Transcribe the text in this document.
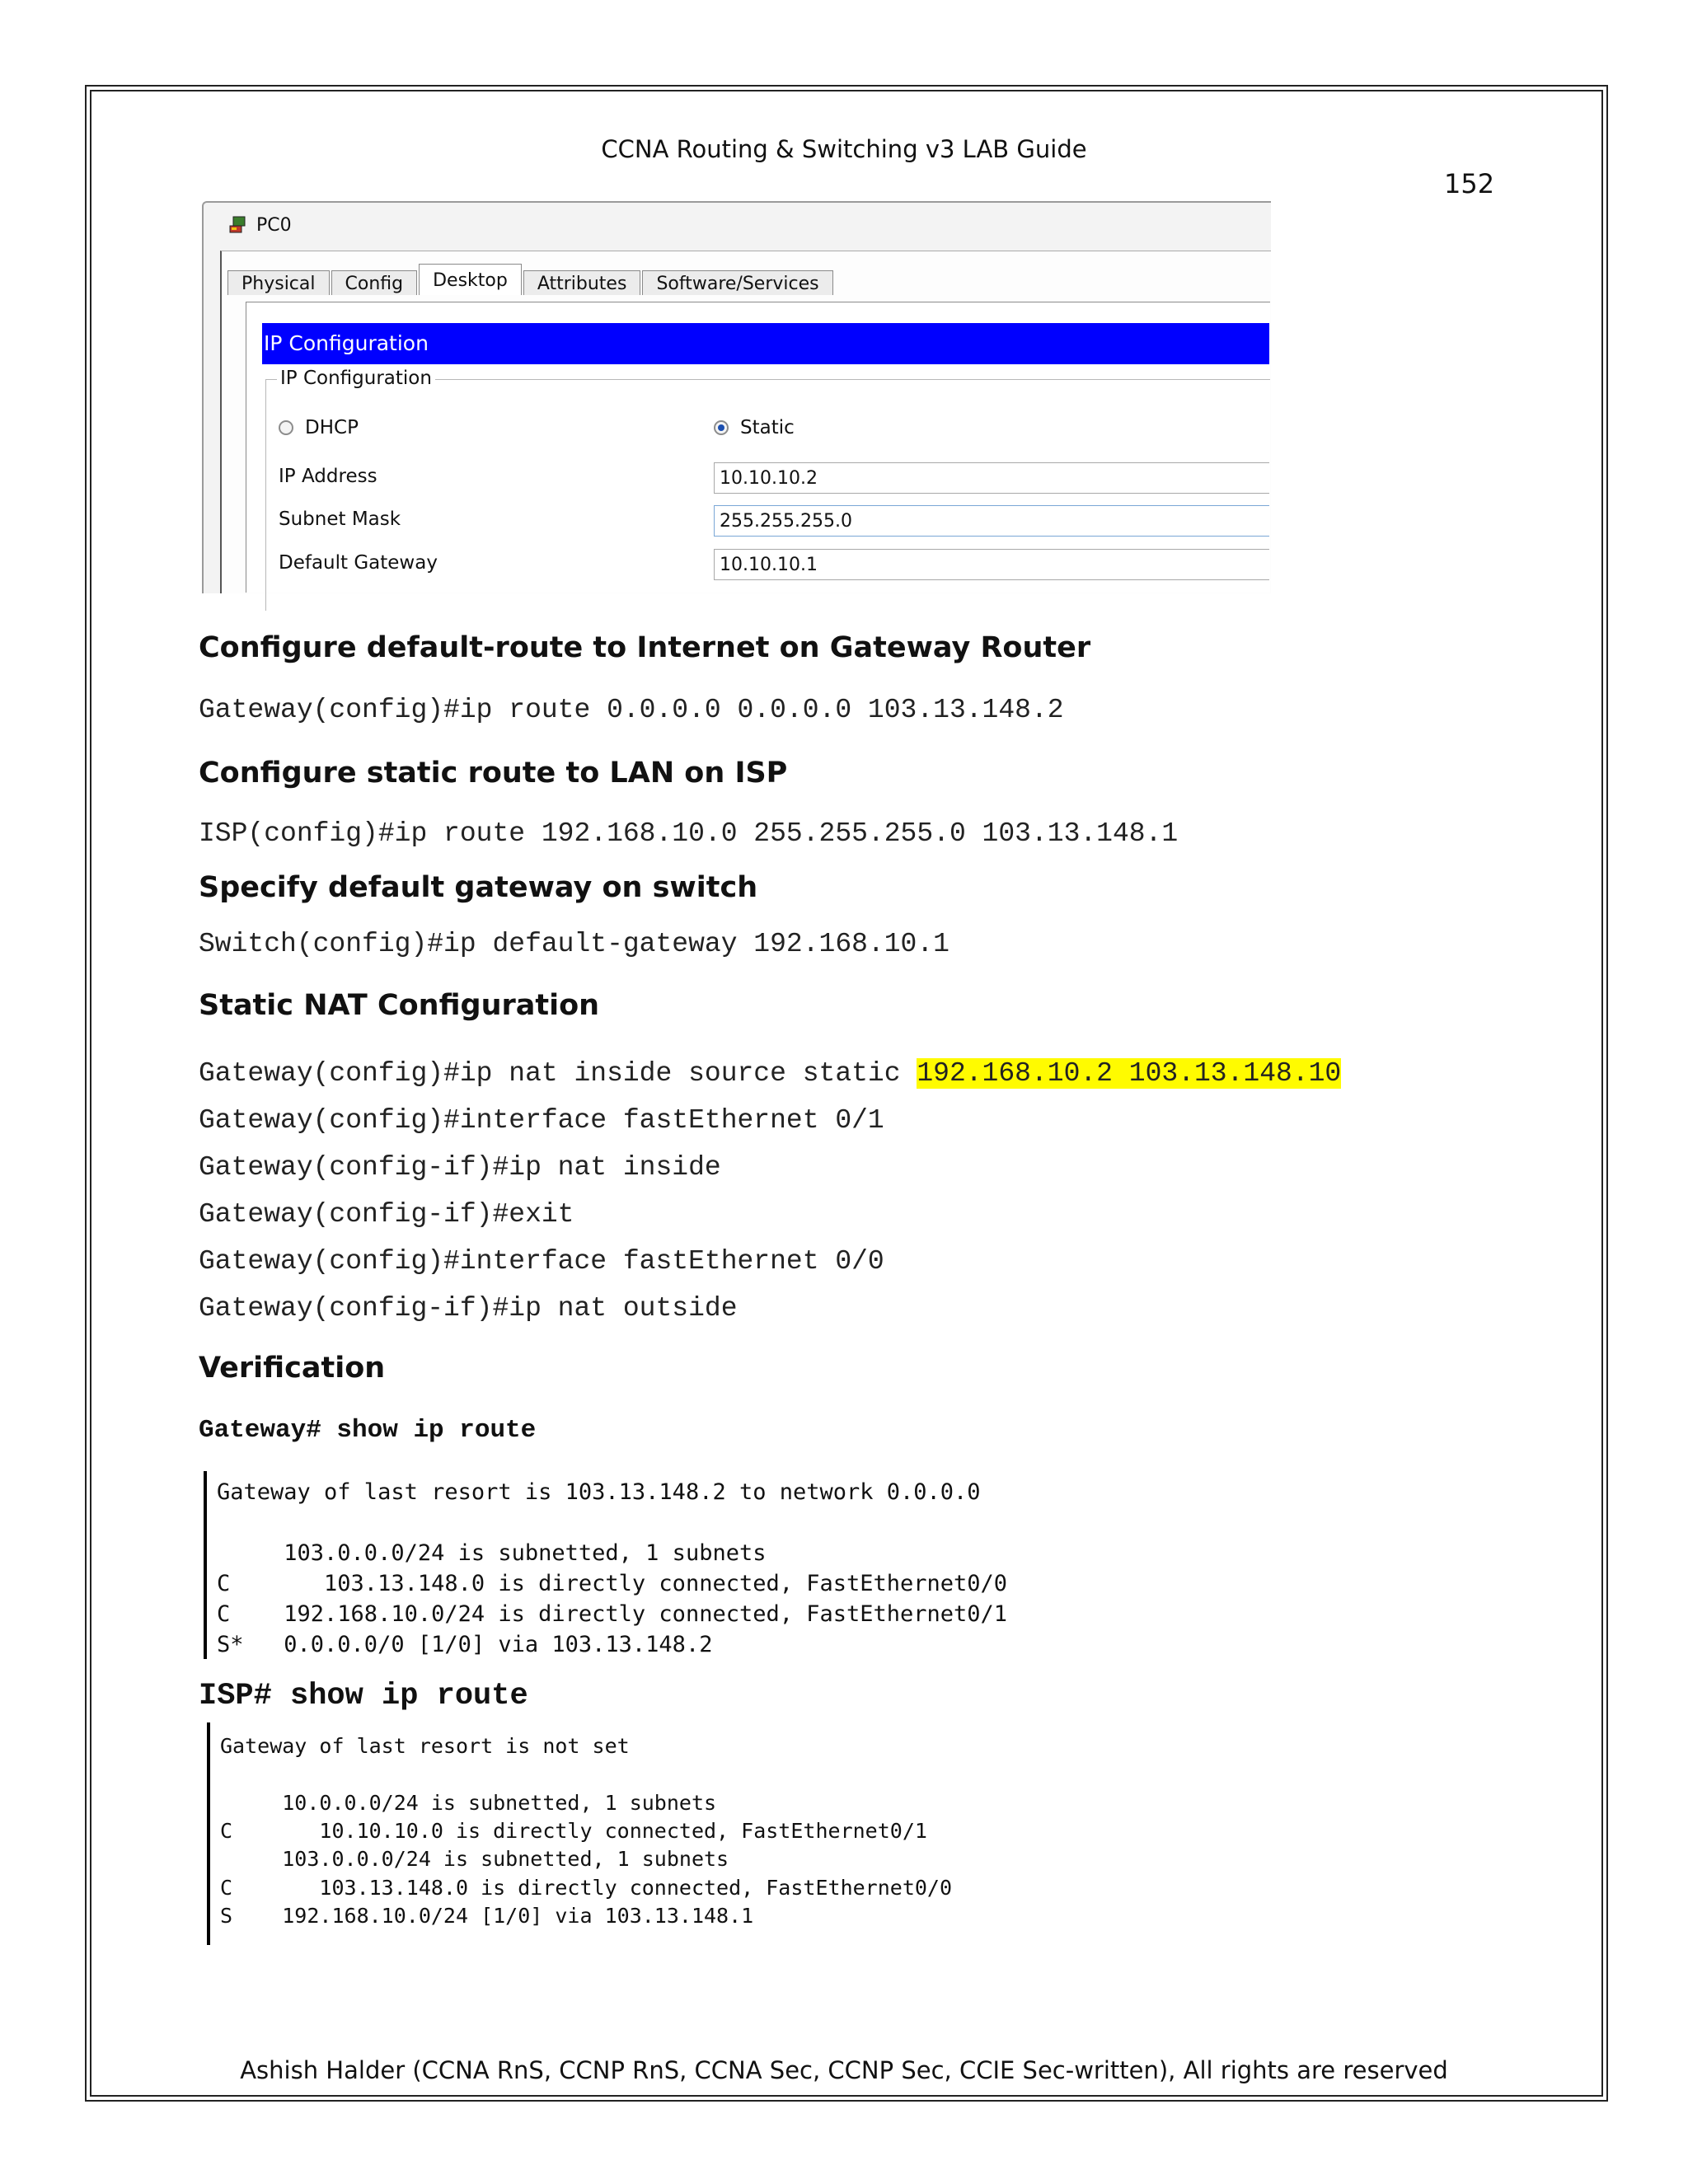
CCNA Routing & Switching v3 LAB Guide
152
PC0
Physical	Config	Desktop	Attributes	Software/Services
IP Configuration
IP Configuration
DHCP	Static
IP Address	10.10.10.2
Subnet Mask	255.255.255.0
Default Gateway	10.10.10.1
Configure default-route to Internet on Gateway Router
Gateway(config)#ip route 0.0.0.0 0.0.0.0 103.13.148.2
Configure static route to LAN on ISP
ISP(config)#ip route 192.168.10.0 255.255.255.0 103.13.148.1
Specify default gateway on switch
Switch(config)#ip default-gateway 192.168.10.1
Static NAT Configuration
Gateway(config)#ip nat inside source static 192.168.10.2 103.13.148.10
Gateway(config)#interface fastEthernet 0/1
Gateway(config-if)#ip nat inside
Gateway(config-if)#exit
Gateway(config)#interface fastEthernet 0/0
Gateway(config-if)#ip nat outside
Verification
Gateway# show ip route
Gateway of last resort is 103.13.148.2 to network 0.0.0.0
103.0.0.0/24 is subnetted, 1 subnets
C       103.13.148.0 is directly connected, FastEthernet0/0
C    192.168.10.0/24 is directly connected, FastEthernet0/1
S*   0.0.0.0/0 [1/0] via 103.13.148.2
ISP# show ip route
Gateway of last resort is not set
10.0.0.0/24 is subnetted, 1 subnets
C       10.10.10.0 is directly connected, FastEthernet0/1
103.0.0.0/24 is subnetted, 1 subnets
C       103.13.148.0 is directly connected, FastEthernet0/0
S    192.168.10.0/24 [1/0] via 103.13.148.1
Ashish Halder (CCNA RnS, CCNP RnS, CCNA Sec, CCNP Sec, CCIE Sec-written), All rights are reserved
